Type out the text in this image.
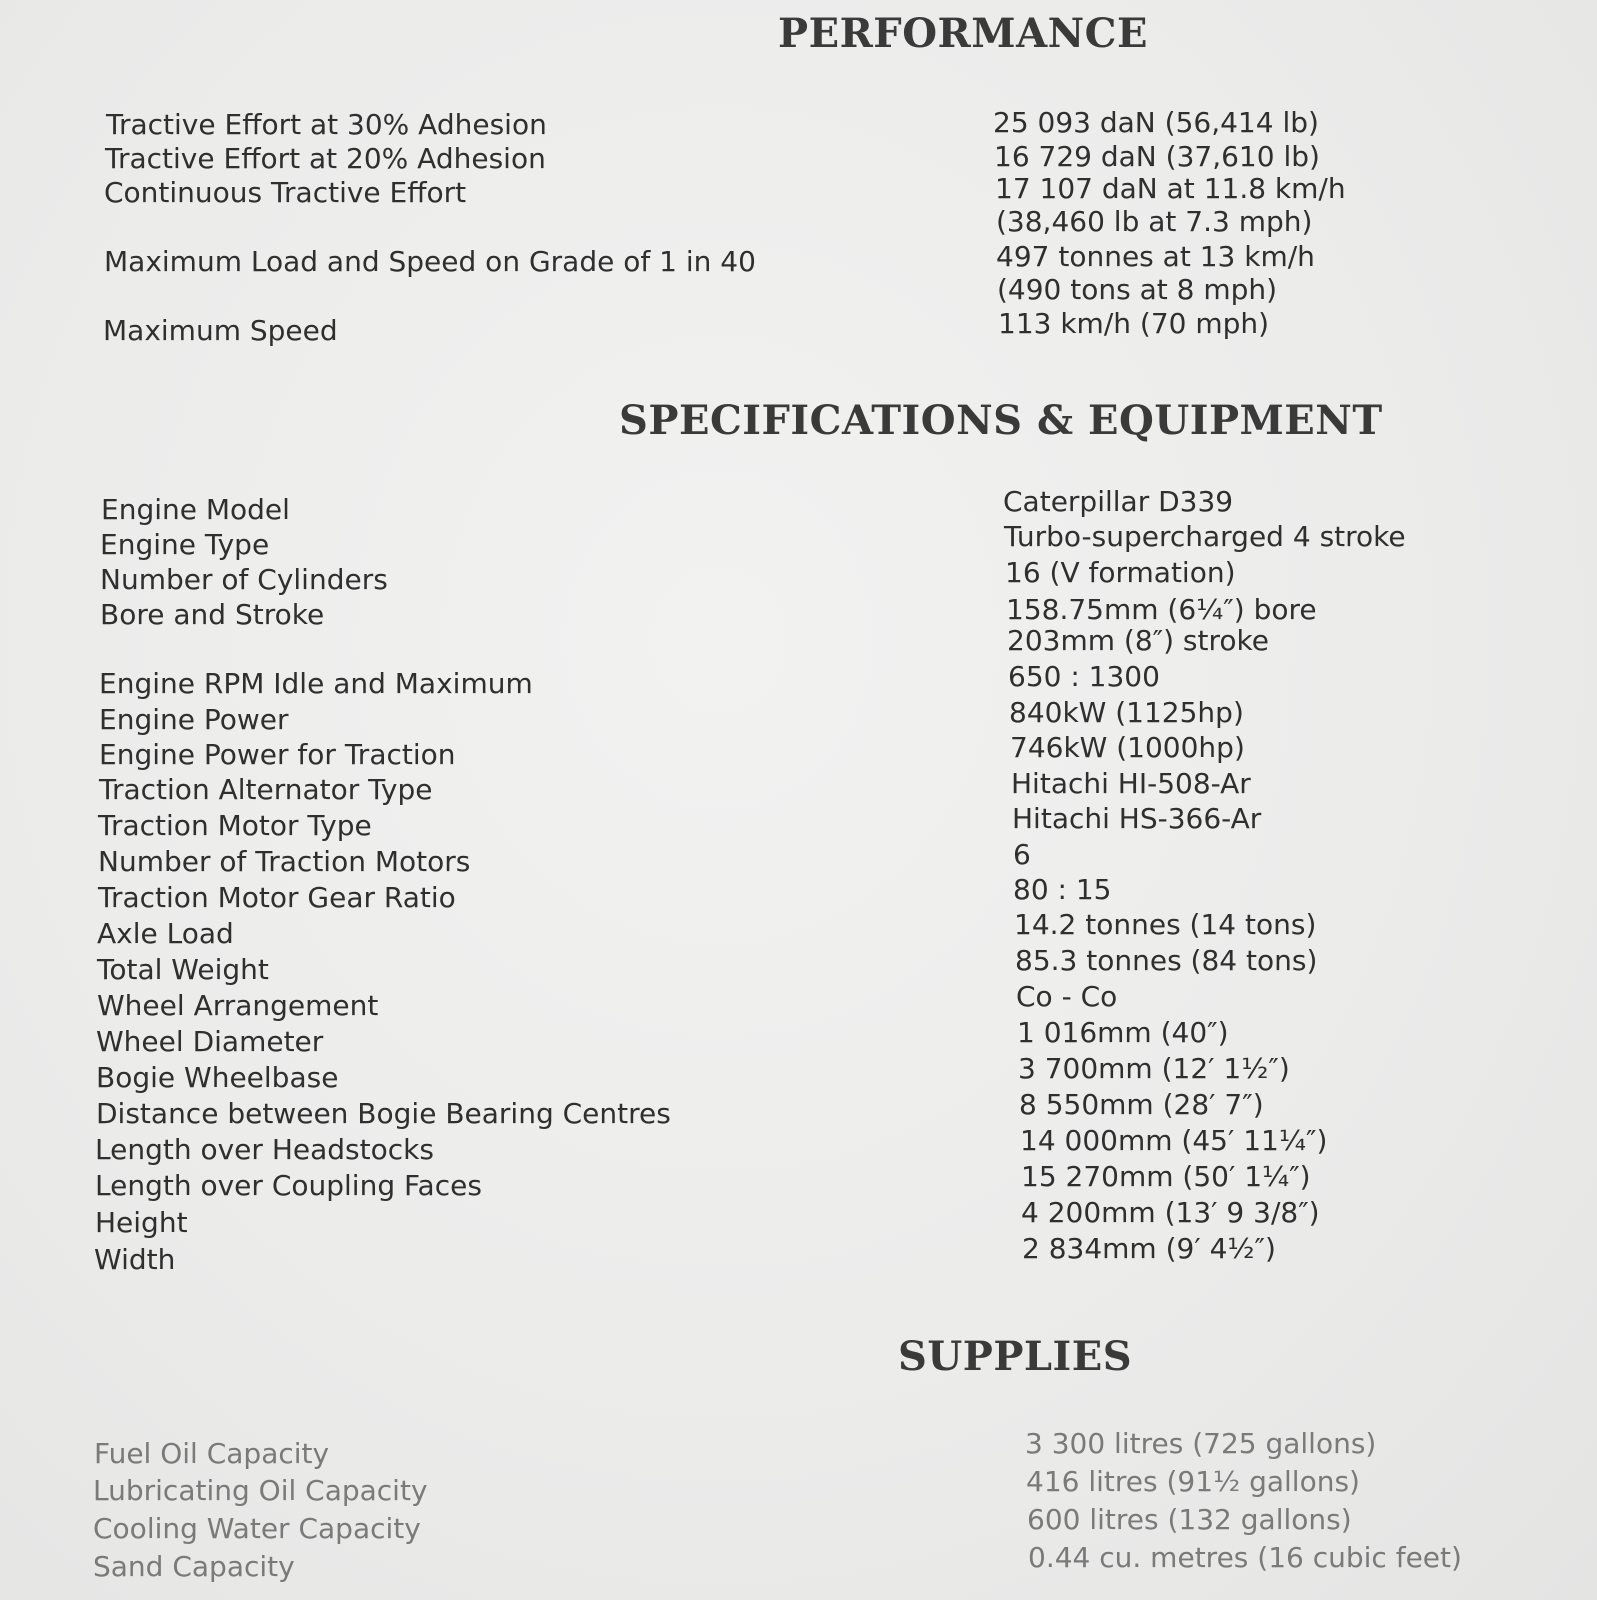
PERFORMANCE
Tractive Effort at 30% Adhesion	25 093 daN (56,414 lb)
Tractive Effort at 20% Adhesion	16 729 daN (37,610 lb)
Continuous Tractive Effort	17 107 daN at 11.8 km/h
(38,460 lb at 7.3 mph)
Maximum Load and Speed on Grade of 1 in 40	497 tonnes at 13 km/h
(490 tons at 8 mph)
Maximum Speed	113 km/h (70 mph)
SPECIFICATIONS & EQUIPMENT
Engine Model	Caterpillar D339
Engine Type	Turbo-supercharged 4 stroke
Number of Cylinders	16 (V formation)
Bore and Stroke	158.75mm (6¼″) bore
203mm (8″) stroke
Engine RPM Idle and Maximum	650 : 1300
Engine Power	840kW (1125hp)
Engine Power for Traction	746kW (1000hp)
Traction Alternator Type	Hitachi HI-508-Ar
Traction Motor Type	Hitachi HS-366-Ar
Number of Traction Motors	6
Traction Motor Gear Ratio	80 : 15
Axle Load	14.2 tonnes (14 tons)
Total Weight	85.3 tonnes (84 tons)
Wheel Arrangement	Co - Co
Wheel Diameter	1 016mm (40″)
Bogie Wheelbase	3 700mm (12′ 1½″)
Distance between Bogie Bearing Centres	8 550mm (28′ 7″)
Length over Headstocks	14 000mm (45′ 11¼″)
Length over Coupling Faces	15 270mm (50′ 1¼″)
Height	4 200mm (13′ 9 3/8″)
Width	2 834mm (9′ 4½″)
SUPPLIES
Fuel Oil Capacity	3 300 litres (725 gallons)
Lubricating Oil Capacity	416 litres (91½ gallons)
Cooling Water Capacity	600 litres (132 gallons)
Sand Capacity	0.44 cu. metres (16 cubic feet)
